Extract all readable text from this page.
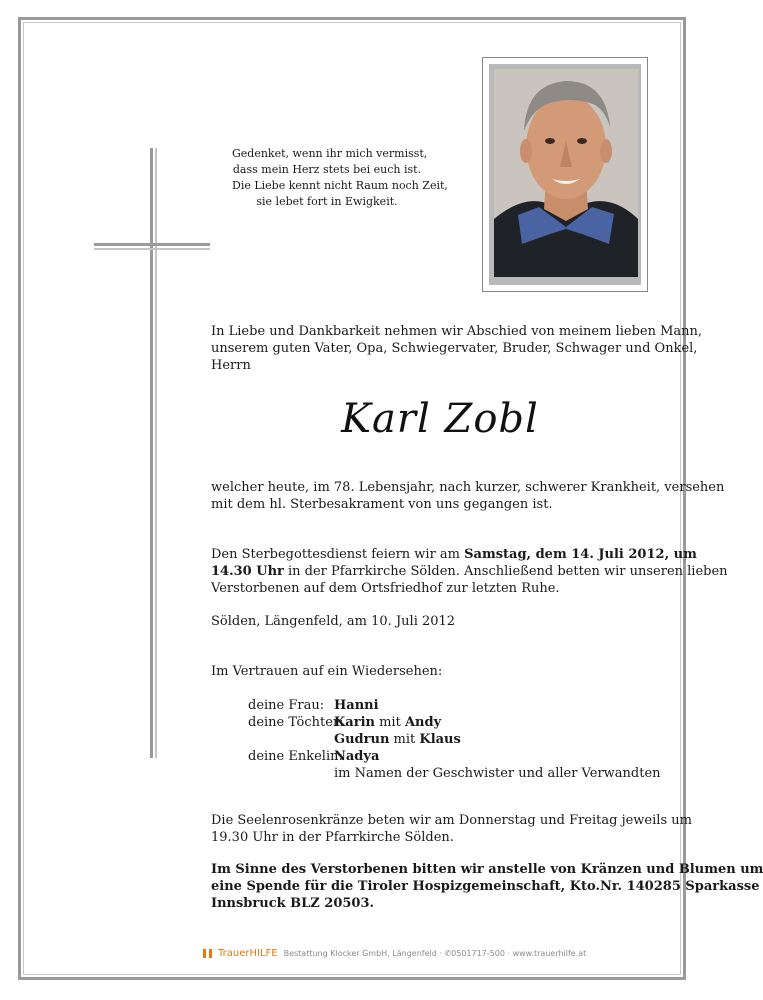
Gedenket, wenn ihr mich vermisst,
dass mein Herz stets bei euch ist.
Die Liebe kennt nicht Raum noch Zeit,
sie lebet fort in Ewigkeit.
In Liebe und Dankbarkeit nehmen wir Abschied von meinem lieben Mann,
unserem guten Vater, Opa, Schwiegervater, Bruder, Schwager und Onkel,
Herrn
Karl Zobl
welcher heute, im 78. Lebensjahr, nach kurzer, schwerer Krankheit, versehen
mit dem hl. Sterbesakrament von uns gegangen ist.
Den Sterbegottesdienst feiern wir am Samstag, dem 14. Juli 2012, um
14.30 Uhr in der Pfarrkirche Sölden. Anschließend betten wir unseren lieben
Verstorbenen auf dem Ortsfriedhof zur letzten Ruhe.
Sölden, Längenfeld, am 10. Juli 2012
Im Vertrauen auf ein Wiedersehen:
deine Frau: Hanni
deine Töchter:
Karin mit Andy
Gudrun mit Klaus
deine Enkelin:
Nadya
im Namen der Geschwister und aller Verwandten
Die Seelenrosenkränze beten wir am Donnerstag und Freitag jeweils um
19.30 Uhr in der Pfarrkirche Sölden.
Im Sinne des Verstorbenen bitten wir anstelle von Kränzen und Blumen um
eine Spende für die Tiroler Hospizgemeinschaft, Kto.Nr. 140285 Sparkasse
Innsbruck BLZ 20503.
TrauerHILFE Bestattung Klocker GmbH, Längenfeld · ✆0501717-500 · www.trauerhilfe.at
